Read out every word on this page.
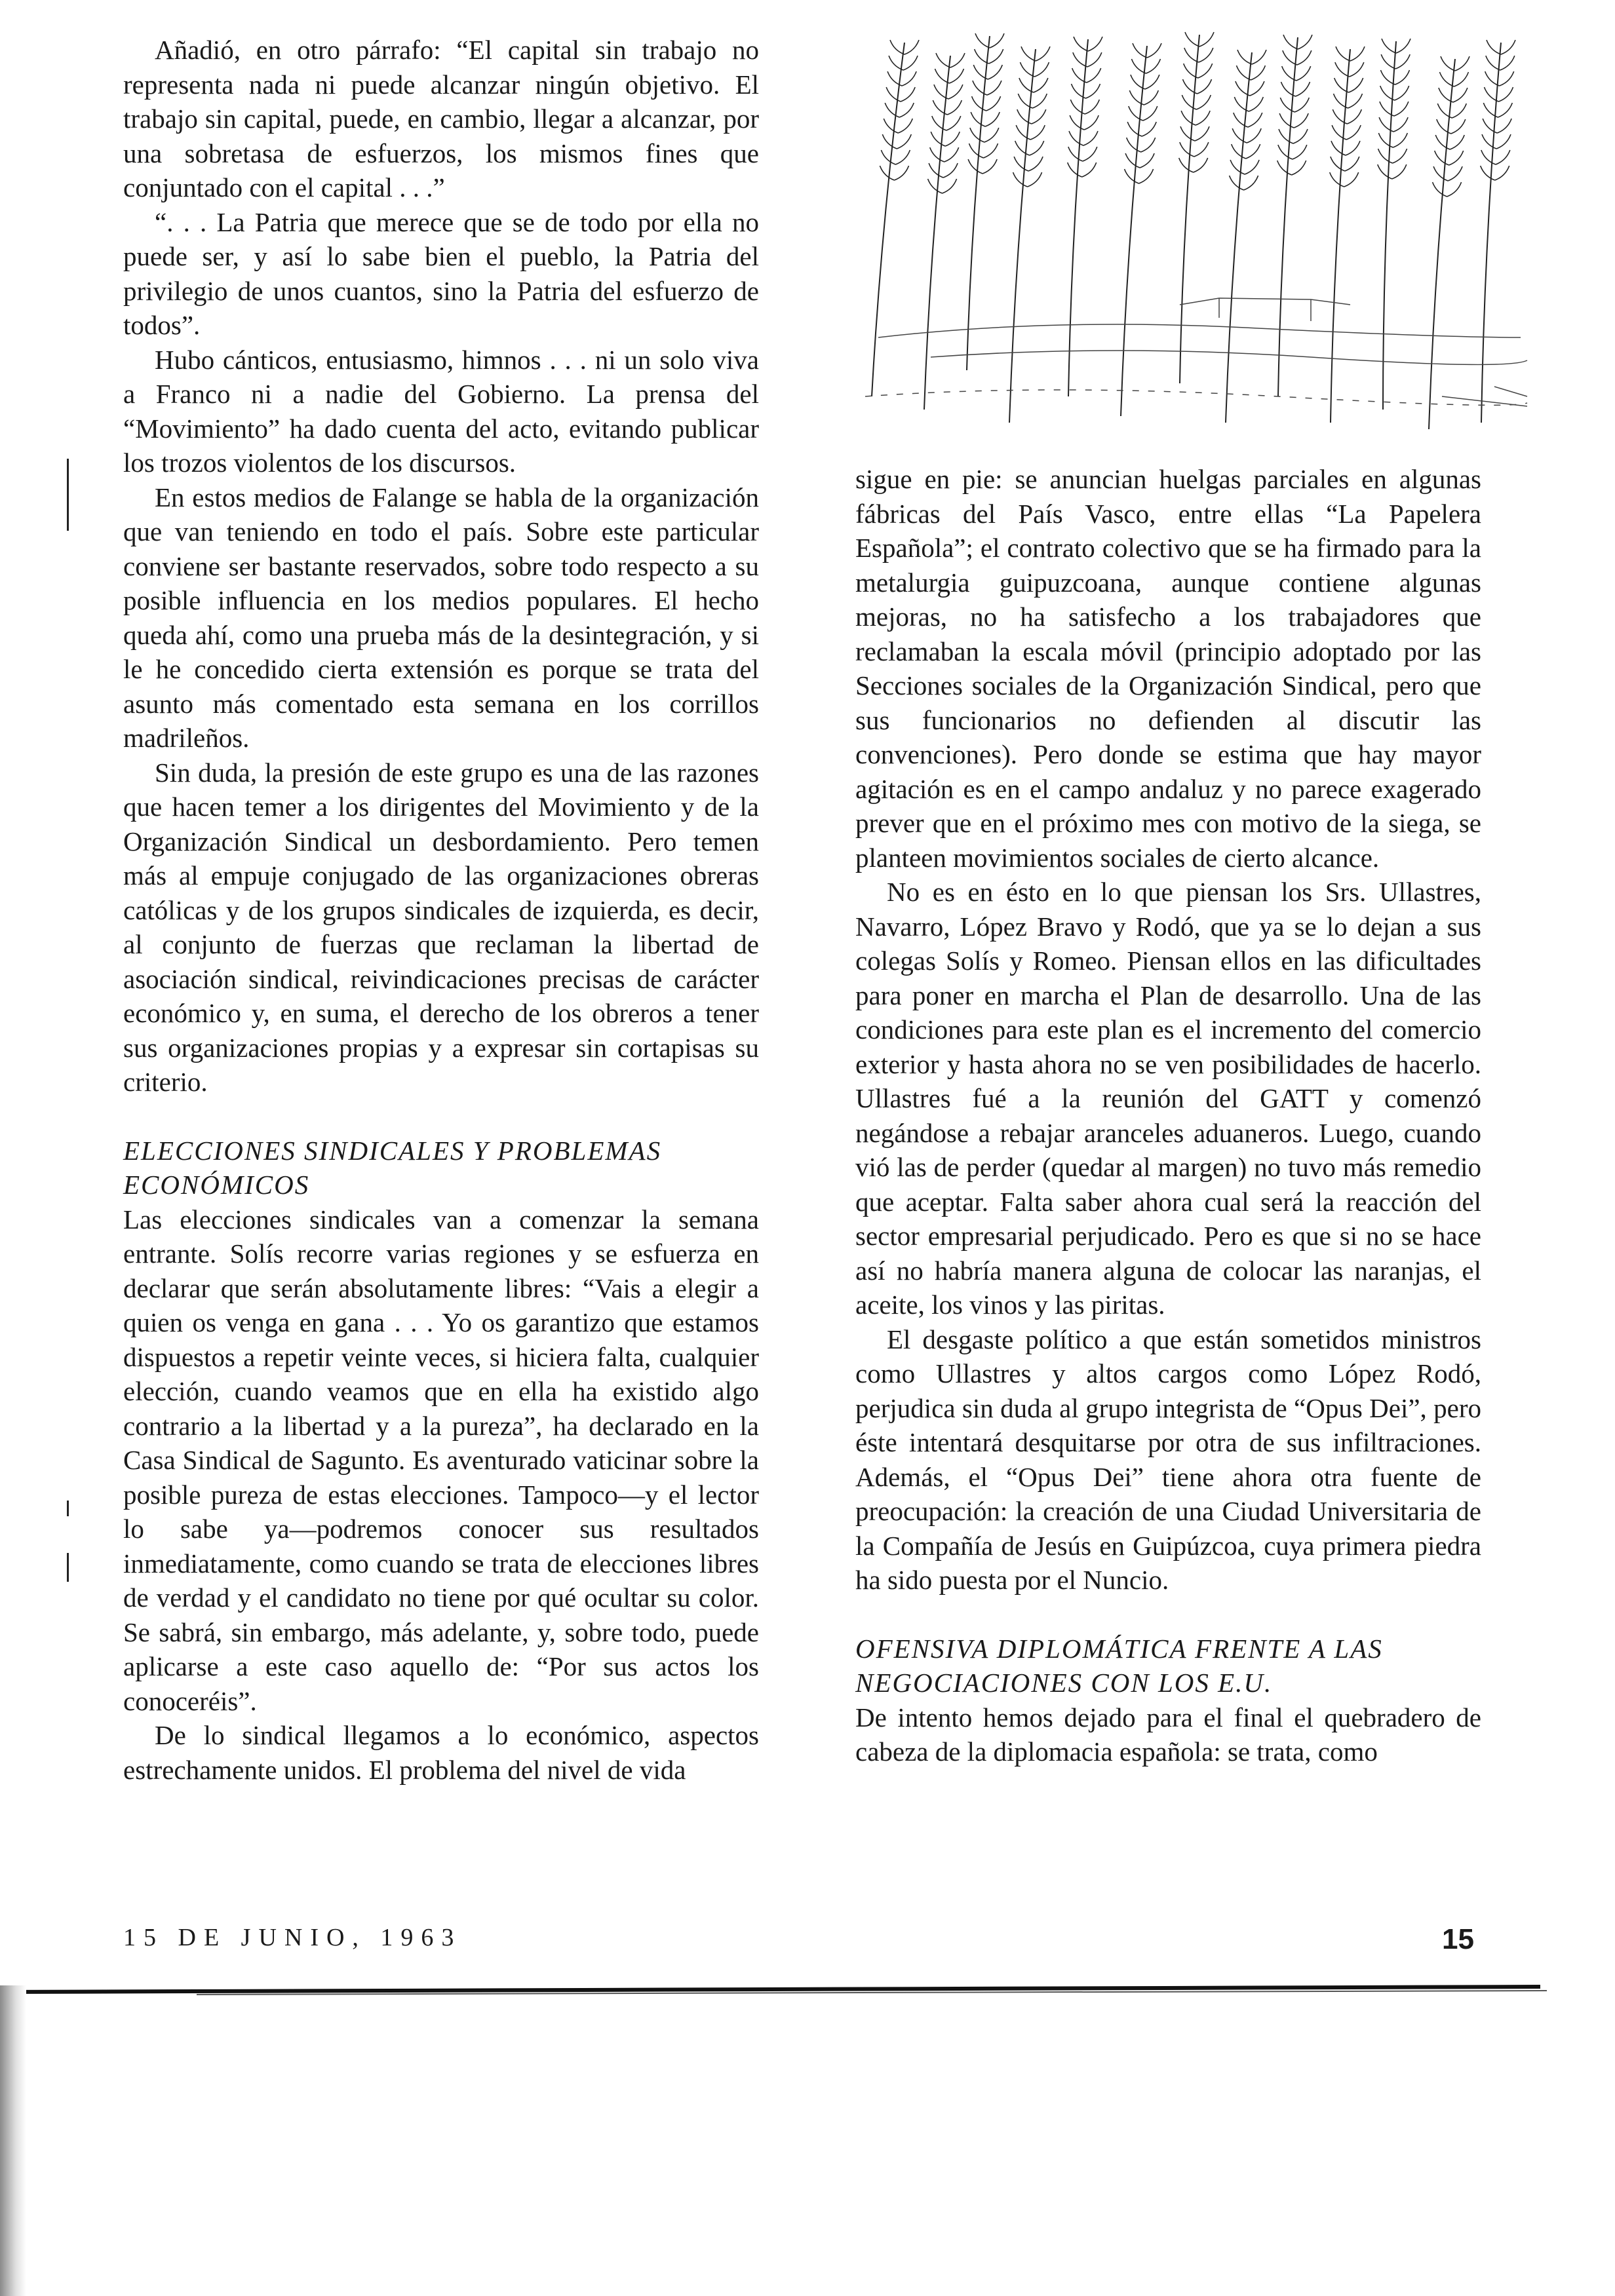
Añadió, en otro párrafo: “El capital sin trabajo no representa nada ni puede alcanzar ningún objetivo. El trabajo sin capital, puede, en cambio, llegar a alcanzar, por una sobretasa de esfuerzos, los mismos fines que conjuntado con el capital . . .”

“. . . La Patria que merece que se de todo por ella no puede ser, y así lo sabe bien el pueblo, la Patria del privilegio de unos cuantos, sino la Patria del esfuerzo de todos”.

Hubo cánticos, entusiasmo, himnos . . . ni un solo viva a Franco ni a nadie del Gobierno. La prensa del “Movimiento” ha dado cuenta del acto, evitando publicar los trozos violentos de los discursos.

En estos medios de Falange se habla de la organización que van teniendo en todo el país. Sobre este particular conviene ser bastante reservados, sobre todo respecto a su posible influencia en los medios populares. El hecho queda ahí, como una prueba más de la desintegración, y si le he concedido cierta extensión es porque se trata del asunto más comentado esta semana en los corrillos madrileños.

Sin duda, la presión de este grupo es una de las razones que hacen temer a los dirigentes del Movimiento y de la Organización Sindical un desbordamiento. Pero temen más al empuje conjugado de las organizaciones obreras católicas y de los grupos sindicales de izquierda, es decir, al conjunto de fuerzas que reclaman la libertad de asociación sindical, reivindicaciones precisas de carácter económico y, en suma, el derecho de los obreros a tener sus organizaciones propias y a expresar sin cortapisas su criterio.

ELECCIONES SINDICALES Y PROBLEMAS ECONÓMICOS

Las elecciones sindicales van a comenzar la semana entrante. Solís recorre varias regiones y se esfuerza en declarar que serán absolutamente libres: “Vais a elegir a quien os venga en gana . . . Yo os garantizo que estamos dispuestos a repetir veinte veces, si hiciera falta, cualquier elección, cuando veamos que en ella ha existido algo contrario a la libertad y a la pureza”, ha declarado en la Casa Sindical de Sagunto. Es aventurado vaticinar sobre la posible pureza de estas elecciones. Tampoco—y el lector lo sabe ya—podremos conocer sus resultados inmediatamente, como cuando se trata de elecciones libres de verdad y el candidato no tiene por qué ocultar su color. Se sabrá, sin embargo, más adelante, y, sobre todo, puede aplicarse a este caso aquello de: “Por sus actos los conoceréis”.

De lo sindical llegamos a lo económico, aspectos estrechamente unidos. El problema del nivel de vida

sigue en pie: se anuncian huelgas parciales en algunas fábricas del País Vasco, entre ellas “La Papelera Española”; el contrato colectivo que se ha firmado para la metalurgia guipuzcoana, aunque contiene algunas mejoras, no ha satisfecho a los trabajadores que reclamaban la escala móvil (principio adoptado por las Secciones sociales de la Organización Sindical, pero que sus funcionarios no defienden al discutir las convenciones). Pero donde se estima que hay mayor agitación es en el campo andaluz y no parece exagerado prever que en el próximo mes con motivo de la siega, se planteen movimientos sociales de cierto alcance.

No es en ésto en lo que piensan los Srs. Ullastres, Navarro, López Bravo y Rodó, que ya se lo dejan a sus colegas Solís y Romeo. Piensan ellos en las dificultades para poner en marcha el Plan de desarrollo. Una de las condiciones para este plan es el incremento del comercio exterior y hasta ahora no se ven posibilidades de hacerlo. Ullastres fué a la reunión del GATT y comenzó negándose a rebajar aranceles aduaneros. Luego, cuando vió las de perder (quedar al margen) no tuvo más remedio que aceptar. Falta saber ahora cual será la reacción del sector empresarial perjudicado. Pero es que si no se hace así no habría manera alguna de colocar las naranjas, el aceite, los vinos y las piritas.

El desgaste político a que están sometidos ministros como Ullastres y altos cargos como López Rodó, perjudica sin duda al grupo integrista de “Opus Dei”, pero éste intentará desquitarse por otra de sus infiltraciones. Además, el “Opus Dei” tiene ahora otra fuente de preocupación: la creación de una Ciudad Universitaria de la Compañía de Jesús en Guipúzcoa, cuya primera piedra ha sido puesta por el Nuncio.

OFENSIVA DIPLOMÁTICA FRENTE A LAS NEGOCIACIONES CON LOS E.U.

De intento hemos dejado para el final el quebradero de cabeza de la diplomacia española: se trata, como

15 DE JUNIO, 1963	15
